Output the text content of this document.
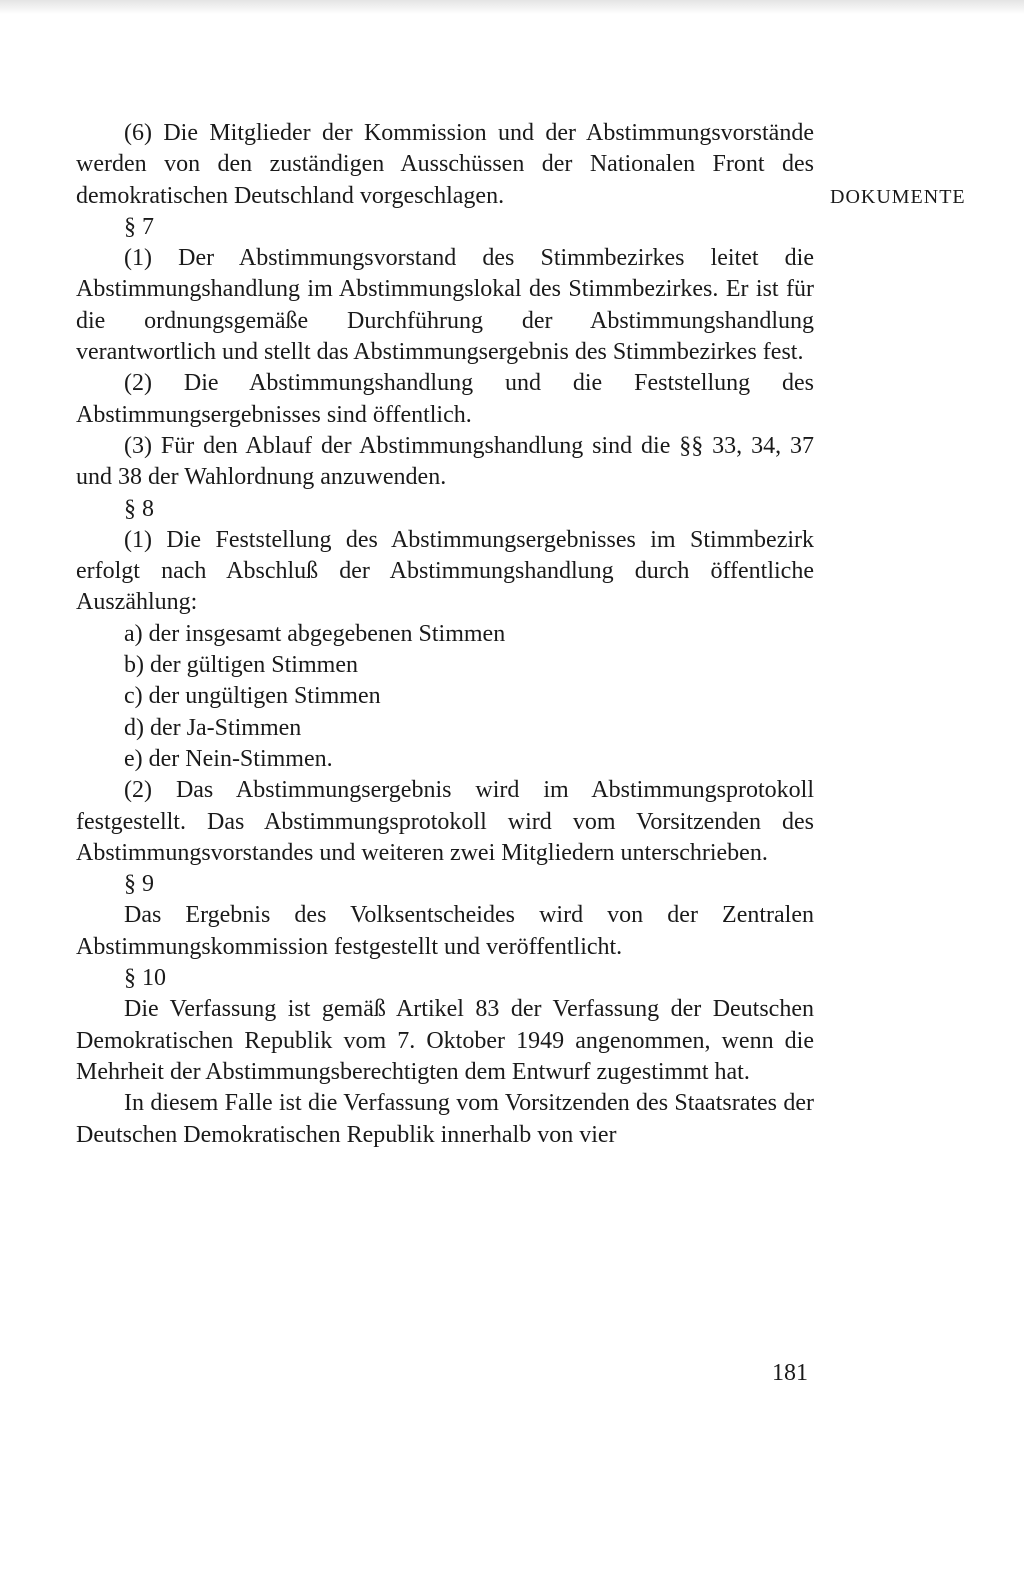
DOKUMENTE

(6) Die Mitglieder der Kommission und der Abstimmungsvorstände werden von den zuständigen Ausschüssen der Nationalen Front des demokratischen Deutschland vorgeschlagen.

§ 7

(1) Der Abstimmungsvorstand des Stimmbezirkes leitet die Abstimmungshandlung im Abstimmungslokal des Stimmbezirkes. Er ist für die ordnungsgemäße Durchführung der Abstimmungshandlung verantwortlich und stellt das Abstimmungsergebnis des Stimmbezirkes fest.

(2) Die Abstimmungshandlung und die Feststellung des Abstimmungsergebnisses sind öffentlich.

(3) Für den Ablauf der Abstimmungshandlung sind die §§ 33, 34, 37 und 38 der Wahlordnung anzuwenden.

§ 8

(1) Die Feststellung des Abstimmungsergebnisses im Stimmbezirk erfolgt nach Abschluß der Abstimmungshandlung durch öffentliche Auszählung:

a) der insgesamt abgegebenen Stimmen

b) der gültigen Stimmen

c) der ungültigen Stimmen

d) der Ja-Stimmen

e) der Nein-Stimmen.

(2) Das Abstimmungsergebnis wird im Abstimmungsprotokoll festgestellt. Das Abstimmungsprotokoll wird vom Vorsitzenden des Abstimmungsvorstandes und weiteren zwei Mitgliedern unterschrieben.

§ 9

Das Ergebnis des Volksentscheides wird von der Zentralen Abstimmungskommission festgestellt und veröffentlicht.

§ 10

Die Verfassung ist gemäß Artikel 83 der Verfassung der Deutschen Demokratischen Republik vom 7. Oktober 1949 angenommen, wenn die Mehrheit der Abstimmungsberechtigten dem Entwurf zugestimmt hat.

In diesem Falle ist die Verfassung vom Vorsitzenden des Staatsrates der Deutschen Demokratischen Republik innerhalb von vier

181
